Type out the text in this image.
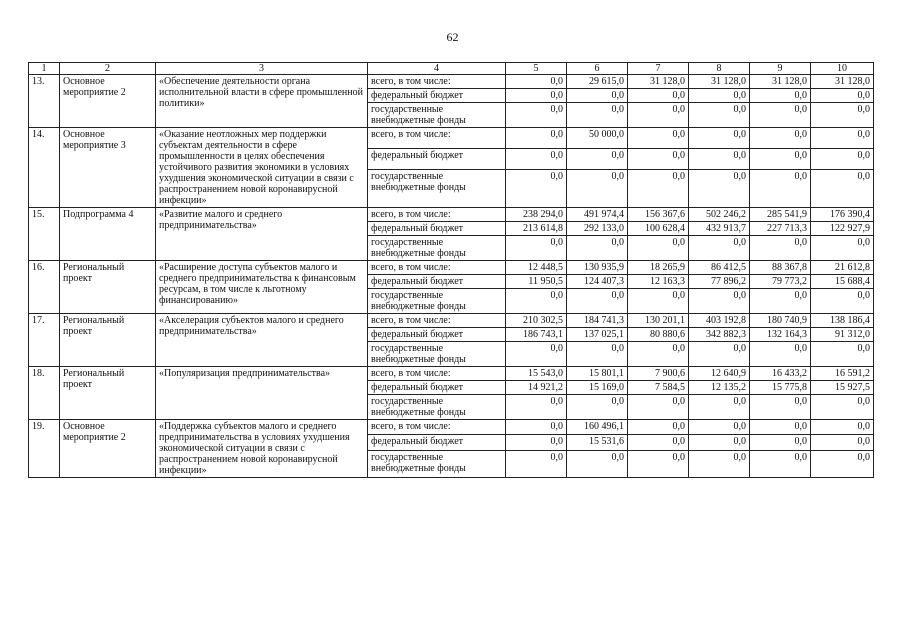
62
1	2	3	4	5	6	7	8	9	10
13.	Основное мероприятие 2	«Обеспечение деятельности органа исполнительной власти в сфере промышленной политики»	всего, в том числе:	0,0	29 615,0	31 128,0	31 128,0	31 128,0	31 128,0
			федеральный бюджет	0,0	0,0	0,0	0,0	0,0	0,0
			государственные внебюджетные фонды	0,0	0,0	0,0	0,0	0,0	0,0
14.	Основное мероприятие 3	«Оказание неотложных мер поддержки субъектам деятельности в сфере промышленности в целях обеспечения устойчивого развития экономики в условиях ухудшения экономической ситуации в связи с распространением новой коронавирусной инфекции»	всего, в том числе:	0,0	50 000,0	0,0	0,0	0,0	0,0
			федеральный бюджет	0,0	0,0	0,0	0,0	0,0	0,0
			государственные внебюджетные фонды	0,0	0,0	0,0	0,0	0,0	0,0
15.	Подпрограмма 4	«Развитие малого и среднего предпринимательства»	всего, в том числе:	238 294,0	491 974,4	156 367,6	502 246,2	285 541,9	176 390,4
			федеральный бюджет	213 614,8	292 133,0	100 628,4	432 913,7	227 713,3	122 927,9
			государственные внебюджетные фонды	0,0	0,0	0,0	0,0	0,0	0,0
16.	Региональный проект	«Расширение доступа субъектов малого и среднего предпринимательства к финансовым ресурсам, в том числе к льготному финансированию»	всего, в том числе:	12 448,5	130 935,9	18 265,9	86 412,5	88 367,8	21 612,8
			федеральный бюджет	11 950,5	124 407,3	12 163,3	77 896,2	79 773,2	15 688,4
			государственные внебюджетные фонды	0,0	0,0	0,0	0,0	0,0	0,0
17.	Региональный проект	«Акселерация субъектов малого и среднего предпринимательства»	всего, в том числе:	210 302,5	184 741,3	130 201,1	403 192,8	180 740,9	138 186,4
			федеральный бюджет	186 743,1	137 025,1	80 880,6	342 882,3	132 164,3	91 312,0
			государственные внебюджетные фонды	0,0	0,0	0,0	0,0	0,0	0,0
18.	Региональный проект	«Популяризация предпринимательства»	всего, в том числе:	15 543,0	15 801,1	7 900,6	12 640,9	16 433,2	16 591,2
			федеральный бюджет	14 921,2	15 169,0	7 584,5	12 135,2	15 775,8	15 927,5
			государственные внебюджетные фонды	0,0	0,0	0,0	0,0	0,0	0,0
19.	Основное мероприятие 2	«Поддержка субъектов малого и среднего предпринимательства в условиях ухудшения экономической ситуации в связи с распространением новой коронавирусной инфекции»	всего, в том числе:	0,0	160 496,1	0,0	0,0	0,0	0,0
			федеральный бюджет	0,0	15 531,6	0,0	0,0	0,0	0,0
			государственные внебюджетные фонды	0,0	0,0	0,0	0,0	0,0	0,0
